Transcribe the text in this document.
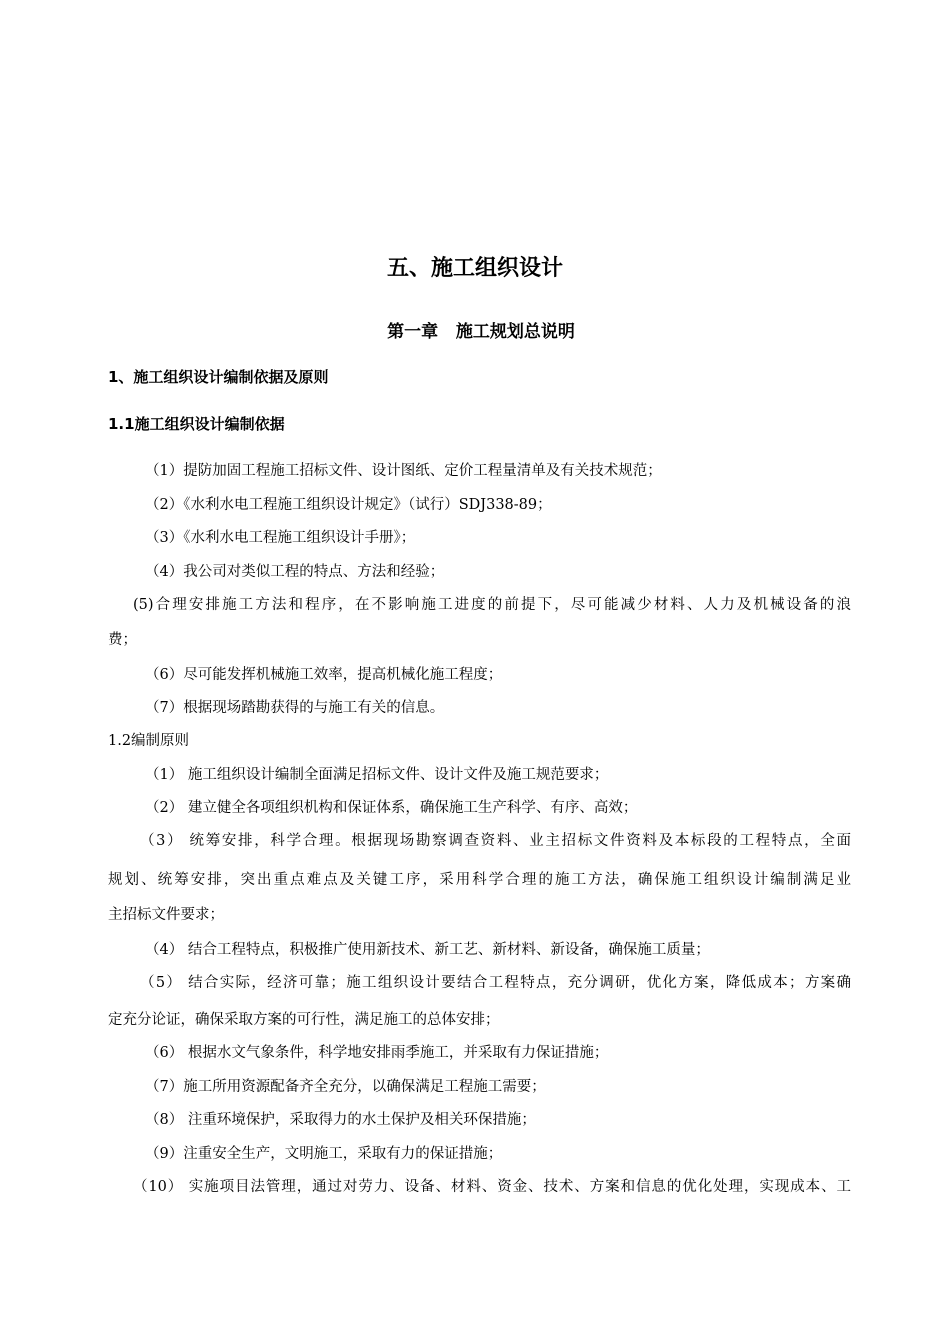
五、施工组织设计
第一章   施工规划总说明
1、施工组织设计编制依据及原则
1.1施工组织设计编制依据
（1）提防加固工程施工招标文件、设计图纸、定价工程量清单及有关技术规范；
（2）《水利水电工程施工组织设计规定》（试行）SDJ338-89；
（3）《水利水电工程施工组织设计手册》；
（4）我公司对类似工程的特点、方法和经验；
(5)合理安排施工方法和程序，在不影响施工进度的前提下，尽可能减少材料、人力及机械设备的浪
费；
（6）尽可能发挥机械施工效率，提高机械化施工程度；
（7）根据现场踏勘获得的与施工有关的信息。
1.2编制原则
（1） 施工组织设计编制全面满足招标文件、设计文件及施工规范要求；
（2） 建立健全各项组织机构和保证体系，确保施工生产科学、有序、高效；
（3） 统筹安排，科学合理。根据现场勘察调查资料、业主招标文件资料及本标段的工程特点，全面
规划、统筹安排，突出重点难点及关键工序，采用科学合理的施工方法，确保施工组织设计编制满足业
主招标文件要求；
（4） 结合工程特点，积极推广使用新技术、新工艺、新材料、新设备，确保施工质量；
（5） 结合实际，经济可靠；施工组织设计要结合工程特点，充分调研，优化方案，降低成本；方案确
定充分论证，确保采取方案的可行性，满足施工的总体安排；
（6） 根据水文气象条件，科学地安排雨季施工，并采取有力保证措施；
（7）施工所用资源配备齐全充分，以确保满足工程施工需要；
（8） 注重环境保护，采取得力的水土保护及相关环保措施；
（9）注重安全生产，文明施工，采取有力的保证措施；
（10） 实施项目法管理，通过对劳力、设备、材料、资金、技术、方案和信息的优化处理，实现成本、工
